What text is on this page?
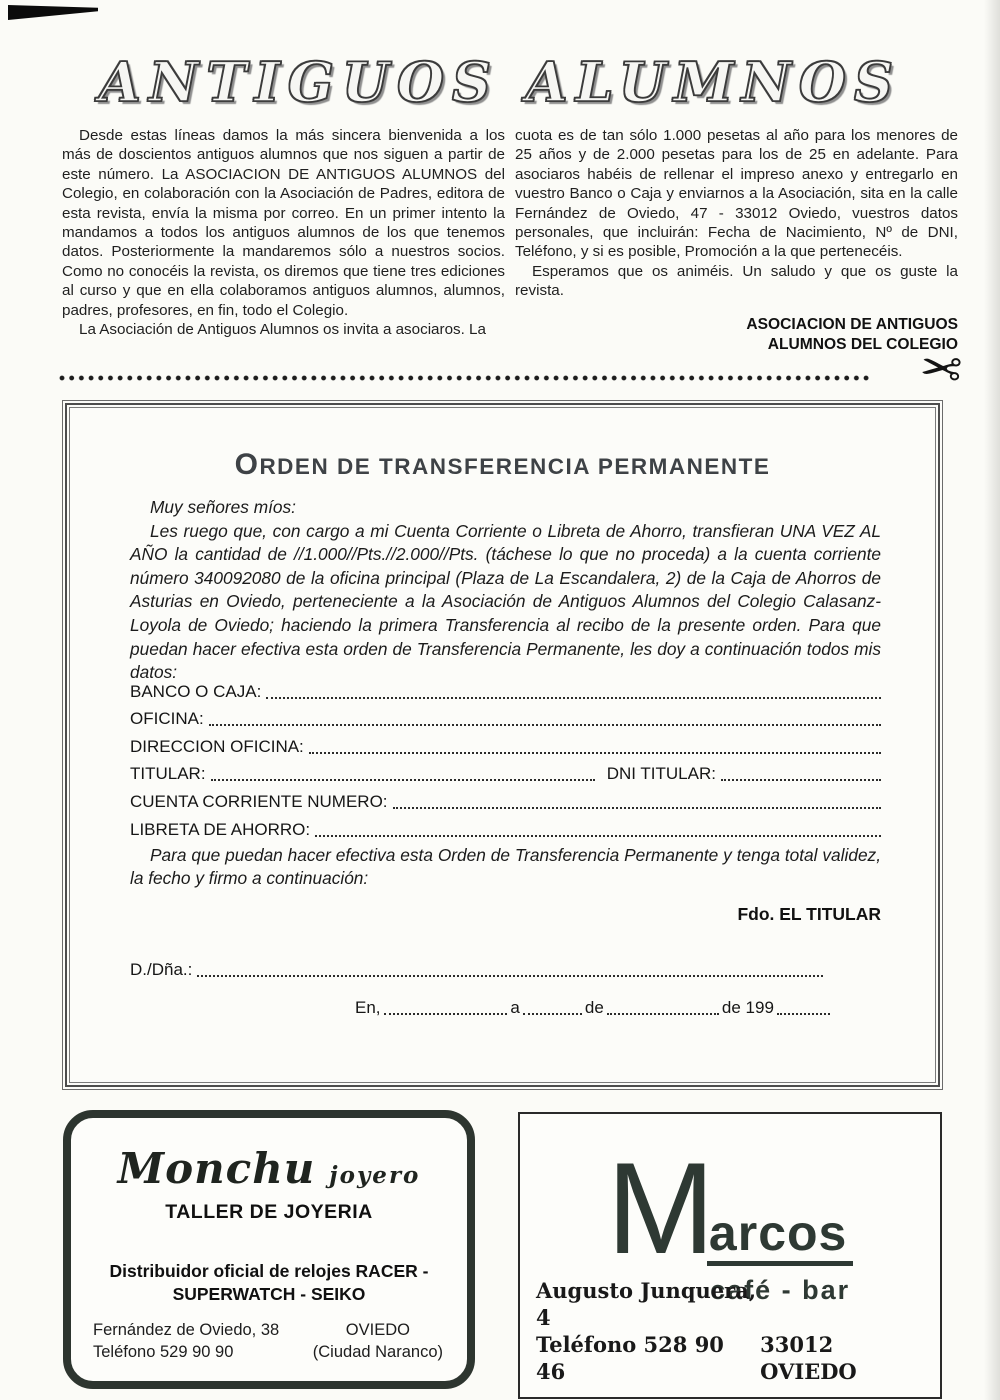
ANTIGUOS ALUMNOS

Desde estas líneas damos la más sincera bienvenida a los más de doscientos antiguos alumnos que nos siguen a partir de este número. La ASOCIACION DE ANTIGUOS ALUMNOS del Colegio, en colaboración con la Asociación de Padres, editora de esta revista, envía la misma por correo. En un primer intento la mandamos a todos los antiguos alumnos de los que tenemos datos. Posteriormente la mandaremos sólo a nuestros socios. Como no conocéis la revista, os diremos que tiene tres ediciones al curso y que en ella colaboramos antiguos alumnos, alumnos, padres, profesores, en fin, todo el Colegio.

La Asociación de Antiguos Alumnos os invita a asociaros. La

cuota es de tan sólo 1.000 pesetas al año para los menores de 25 años y de 2.000 pesetas para los de 25 en adelante. Para asociaros habéis de rellenar el impreso anexo y entregarlo en vuestro Banco o Caja y enviarnos a la Asociación, sita en la calle Fernández de Oviedo, 47 - 33012 Oviedo, vuestros datos personales, que incluirán: Fecha de Nacimiento, Nº de DNI, Teléfono, y si es posible, Promoción a la que pertenecéis.

Esperamos que os animéis. Un saludo y que os guste la revista.

ASOCIACION DE ANTIGUOS
ALUMNOS DEL COLEGIO
✂
ORDEN DE TRANSFERENCIA PERMANENTE

Muy señores míos:

Les ruego que, con cargo a mi Cuenta Corriente o Libreta de Ahorro, transfieran UNA VEZ AL AÑO la cantidad de //1.000//Pts.//2.000//Pts. (táchese lo que no proceda) a la cuenta corriente número 340092080 de la oficina principal (Plaza de La Escandalera, 2) de la Caja de Ahorros de Asturias en Oviedo, perteneciente a la Asociación de Antiguos Alumnos del Colegio Calasanz-Loyola de Oviedo; haciendo la primera Transferencia al recibo de la presente orden. Para que puedan hacer efectiva esta orden de Transferencia Permanente, les doy a continuación todos mis datos:

BANCO O CAJA:
OFICINA:
DIRECCION OFICINA:
TITULAR:	DNI TITULAR:
CUENTA CORRIENTE NUMERO:
LIBRETA DE AHORRO:
Para que puedan hacer efectiva esta Orden de Transferencia Permanente y tenga total validez, la fecho y firmo a continuación:
Fdo. EL TITULAR
D./Dña.:
En,	a	de	de 199
Monchu joyero
TALLER DE JOYERIA
Distribuidor oficial de relojes RACER -
SUPERWATCH - SEIKO
Fernández de Oviedo, 38
Teléfono 529 90 90
OVIEDO
(Ciudad Naranco)
M
arcos
café - bar
Augusto Junquera, 4
Teléfono 528 90 46
33012 OVIEDO
